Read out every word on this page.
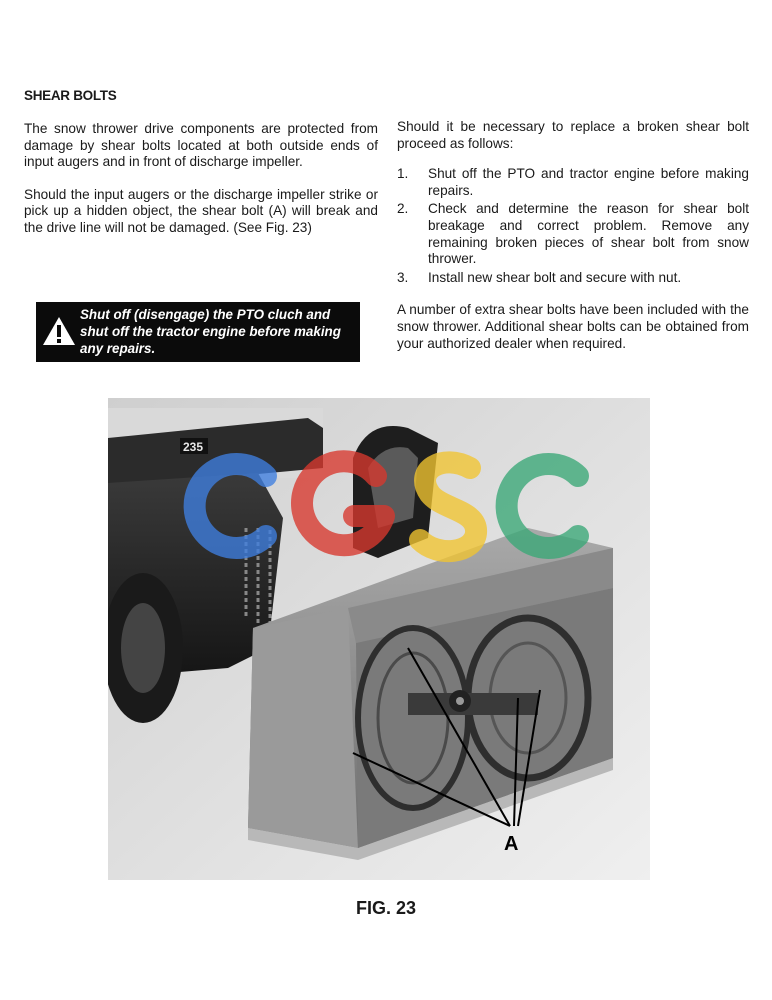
SHEAR BOLTS

The snow thrower drive components are protected from damage by shear bolts located at both outside ends of input augers and in front of discharge impeller.

Should the input augers or the discharge impeller strike or pick up a hidden object, the shear bolt (A) will break and the drive line will not be damaged. (See Fig. 23)

Shut off (disengage) the PTO cluch and shut off the tractor engine before making any repairs.

Should it be necessary to replace a broken shear bolt proceed as follows:

1. Shut off the PTO and tractor engine before making repairs.
2. Check and determine the reason for shear bolt breakage and correct problem. Remove any remaining broken pieces of shear bolt from snow thrower.
3. Install new shear bolt and secure with nut.

A number of extra shear bolts have been included with the snow thrower. Additional shear bolts can be obtained from your authorized dealer when required.

235
A
FIG. 23
